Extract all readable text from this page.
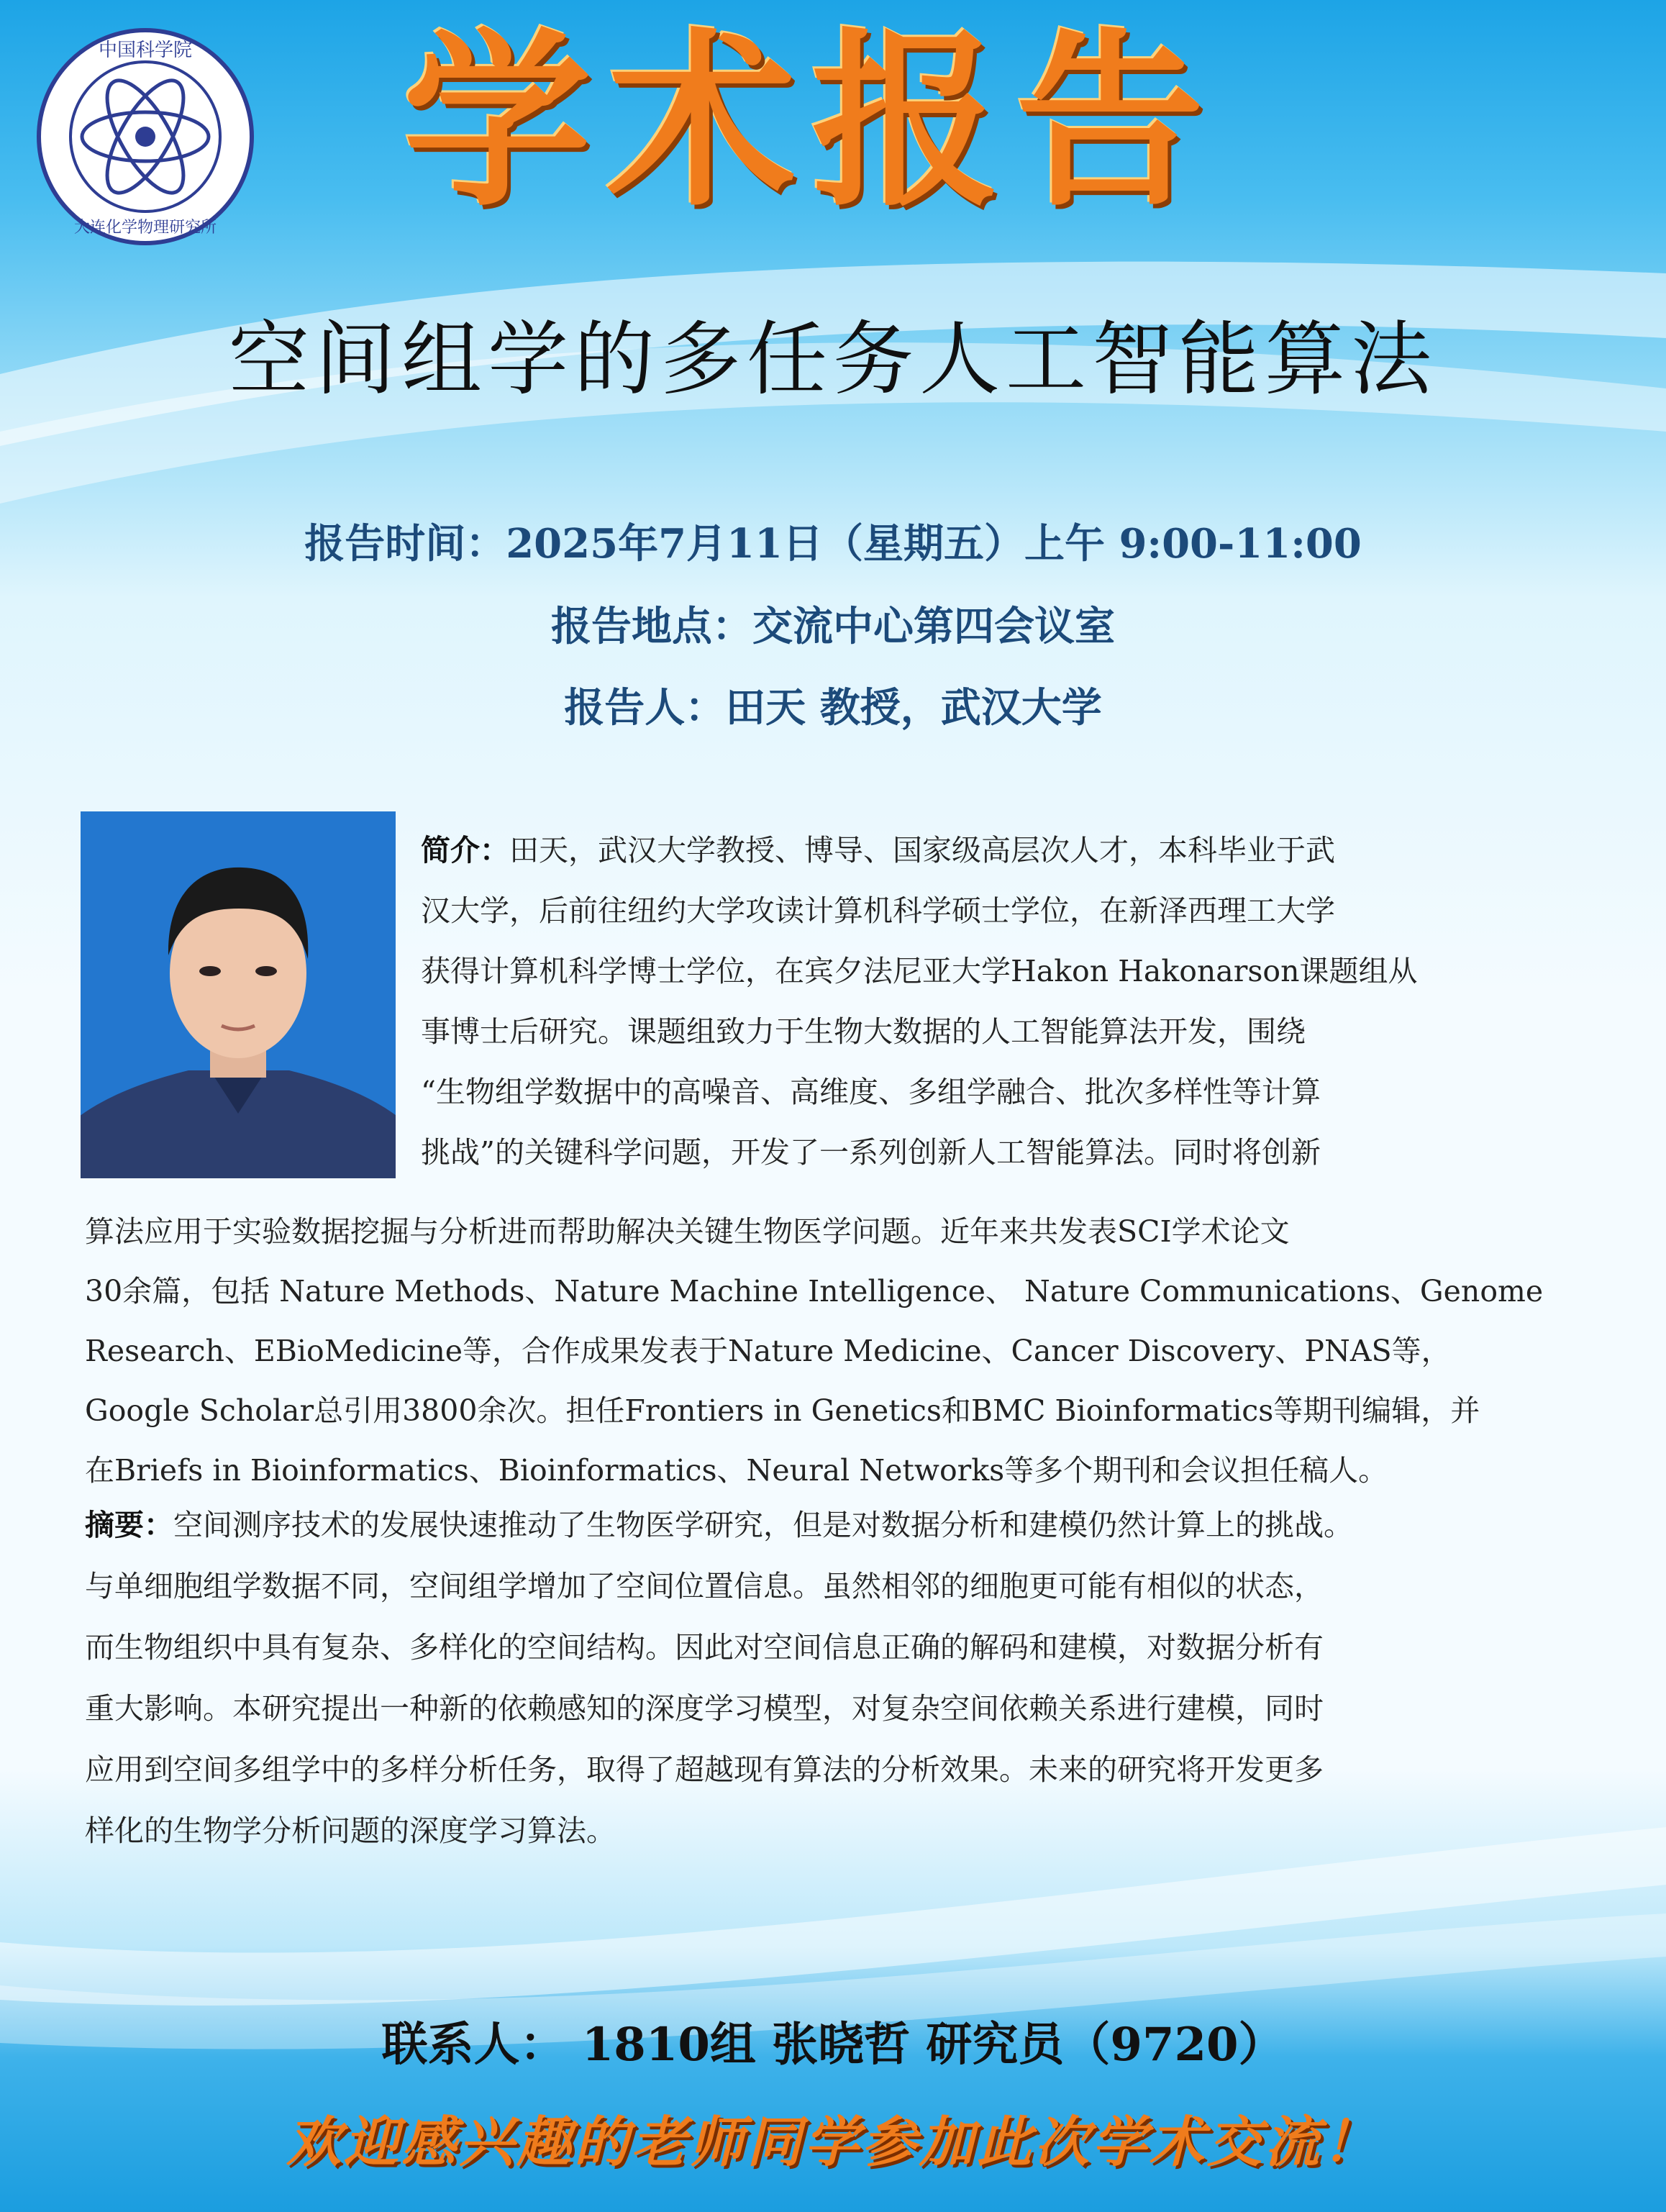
中国科学院
大连化学物理研究所 学术报告
空间组学的多任务人工智能算法
报告时间：2025年7月11日（星期五）上午 9:00-11:00
报告地点：交流中心第四会议室
报告人：田天 教授，武汉大学
简介：田天，武汉大学教授、博导、国家级高层次人才，本科毕业于武
汉大学，后前往纽约大学攻读计算机科学硕士学位，在新泽西理工大学
获得计算机科学博士学位，在宾夕法尼亚大学Hakon Hakonarson课题组从
事博士后研究。课题组致力于生物大数据的人工智能算法开发，围绕
“生物组学数据中的高噪音、高维度、多组学融合、批次多样性等计算
挑战”的关键科学问题，开发了一系列创新人工智能算法。同时将创新
算法应用于实验数据挖掘与分析进而帮助解决关键生物医学问题。近年来共发表SCI学术论文
30余篇，包括 Nature Methods、Nature Machine Intelligence、 Nature Communications、Genome
Research、EBioMedicine等，合作成果发表于Nature Medicine、Cancer Discovery、PNAS等，
Google Scholar总引用3800余次。担任Frontiers in Genetics和BMC Bioinformatics等期刊编辑，并
在Briefs in Bioinformatics、Bioinformatics、Neural Networks等多个期刊和会议担任稿人。
摘要：空间测序技术的发展快速推动了生物医学研究，但是对数据分析和建模仍然计算上的挑战。
与单细胞组学数据不同，空间组学增加了空间位置信息。虽然相邻的细胞更可能有相似的状态，
而生物组织中具有复杂、多样化的空间结构。因此对空间信息正确的解码和建模，对数据分析有
重大影响。本研究提出一种新的依赖感知的深度学习模型，对复杂空间依赖关系进行建模，同时
应用到空间多组学中的多样分析任务，取得了超越现有算法的分析效果。未来的研究将开发更多
样化的生物学分析问题的深度学习算法。
联系人： 1810组 张晓哲 研究员（9720）
欢迎感兴趣的老师同学参加此次学术交流！
